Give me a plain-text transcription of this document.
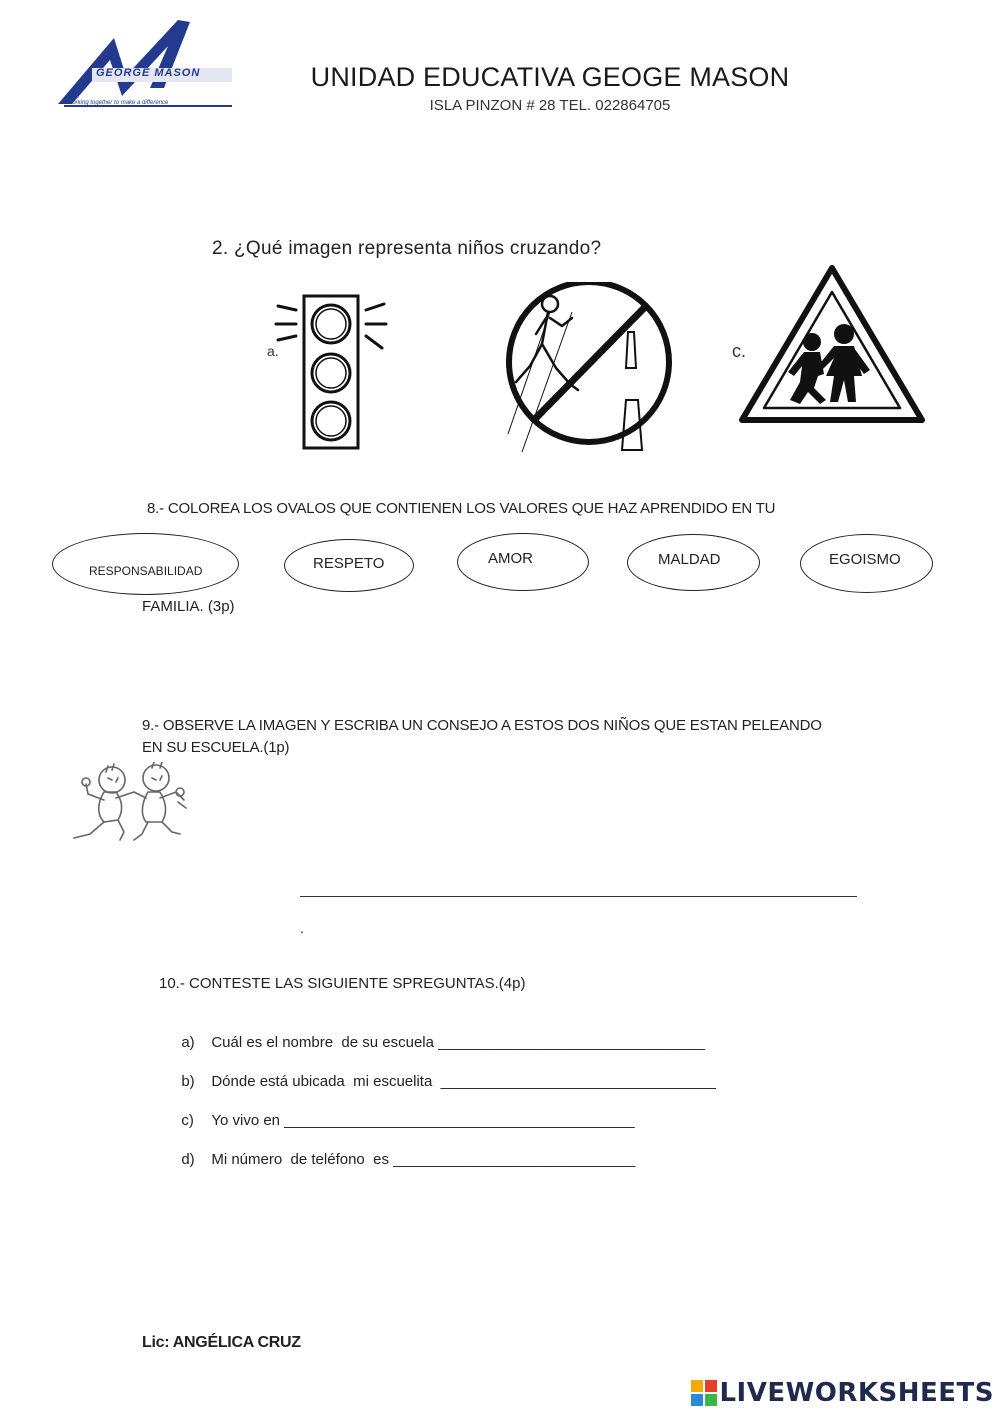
GEORGE MASON
working together to make a difference
UNIDAD EDUCATIVA GEOGE MASON
ISLA PINZON # 28 TEL. 022864705
2. ¿Qué imagen representa niños cruzando?
a.	c.
8.- COLOREA LOS OVALOS QUE CONTIENEN LOS VALORES QUE HAZ APRENDIDO EN TU
RESPONSABILIDAD	RESPETO	AMOR	MALDAD	EGOISMO
FAMILIA. (3p)
9.- OBSERVE LA IMAGEN Y ESCRIBA UN CONSEJO A ESTOS DOS NIÑOS QUE ESTAN PELEANDO
EN SU ESCUELA.(1p)
.
10.- CONTESTE LAS SIGUIENTE SPREGUNTAS.(4p)

a) Cuál es el nombre  de su escuela ________________________________

b) Dónde está ubicada  mi escuelita  _________________________________

c) Yo vivo en __________________________________________

d) Mi número  de teléfono  es _____________________________

Lic: ANGÉLICA CRUZ
LIVEWORKSHEETS
